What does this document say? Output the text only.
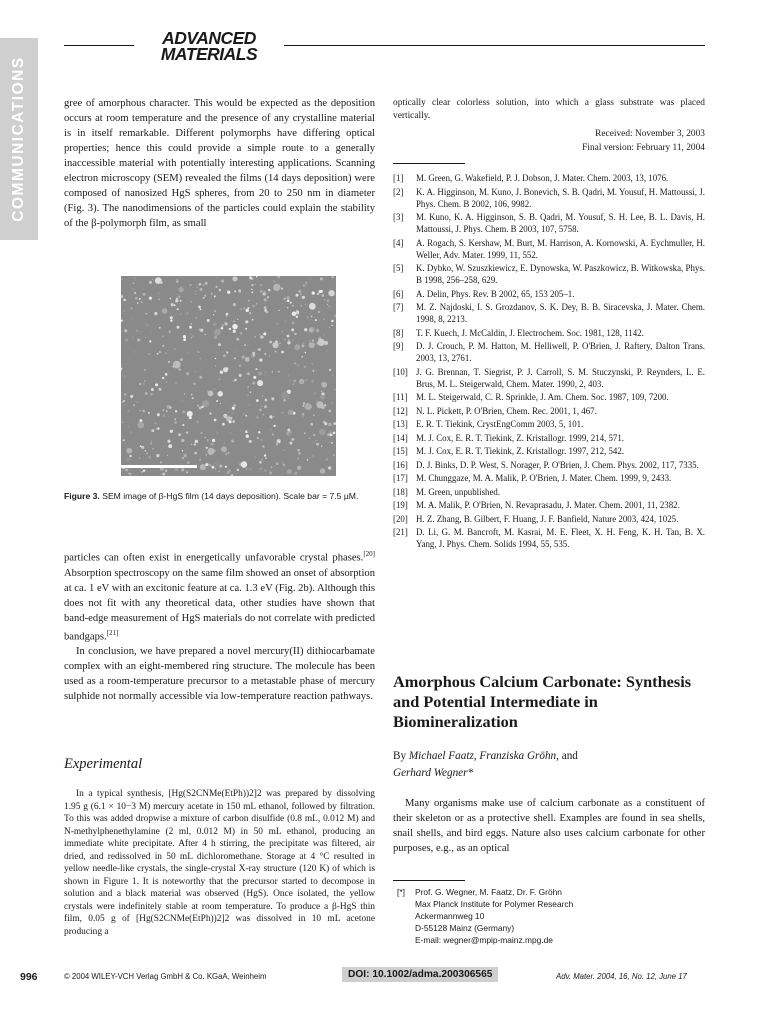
COMMUNICATIONS
ADVANCED
MATERIALS

gree of amorphous character. This would be expected as the deposition occurs at room temperature and the presence of any crystalline material is in itself remarkable. Different polymorphs have differing optical properties; hence this could provide a simple route to a generally inaccessible material with potentially interesting applications. Scanning electron microscopy (SEM) revealed the films (14 days deposition) were composed of nanosized HgS spheres, from 20 to 250 nm in diameter (Fig. 3). The nanodimensions of the particles could explain the stability of the β-polymorph film, as small

Figure 3. SEM image of β-HgS film (14 days deposition). Scale bar = 7.5 µM.

particles can often exist in energetically unfavorable crystal phases.[20] Absorption spectroscopy on the same film showed an onset of absorption at ca. 1 eV with an excitonic feature at ca. 1.3 eV (Fig. 2b). Although this does not fit with any theoretical data, other studies have shown that band-edge measurement of HgS materials do not correlate with predicted bandgaps.[21]

In conclusion, we have prepared a novel mercury(II) dithiocarbamate complex with an eight-membered ring structure. The molecule has been used as a room-temperature precursor to a metastable phase of mercury sulphide not normally accessible via low-temperature reaction pathways.

Experimental

In a typical synthesis, [Hg(S2CNMe(EtPh))2]2 was prepared by dissolving 1.95 g (6.1 × 10−3 M) mercury acetate in 150 mL ethanol, followed by filtration. To this was added dropwise a mixture of carbon disulfide (0.8 mL, 0.012 M) and N-methylphenethylamine (2 ml, 0.012 M) in 50 mL ethanol, producing an immediate white precipitate. After 4 h stirring, the precipitate was filtered, air dried, and redissolved in 50 mL dichloromethane. Storage at 4 °C resulted in yellow needle-like crystals, the single-crystal X-ray structure (120 K) of which is shown in Figure 1. It is noteworthy that the precursor started to decompose in solution and a black material was observed (HgS). Once isolated, the yellow crystals were indefinitely stable at room temperature. To produce a β-HgS thin film, 0.05 g of [Hg(S2CNMe(EtPh))2]2 was dissolved in 10 mL acetone producing a

optically clear colorless solution, into which a glass substrate was placed vertically.

Received: November 3, 2003
Final version: February 11, 2004
[1] M. Green, G. Wakefield, P. J. Dobson, J. Mater. Chem. 2003, 13, 1076.
[2] K. A. Higginson, M. Kuno, J. Bonevich, S. B. Qadri, M. Yousuf, H. Mattoussi, J. Phys. Chem. B 2002, 106, 9982.
[3] M. Kuno, K. A. Higginson, S. B. Qadri, M. Yousuf, S. H. Lee, B. L. Davis, H. Mattoussi, J. Phys. Chem. B 2003, 107, 5758.
[4] A. Rogach, S. Kershaw, M. Burt, M. Harrison, A. Kornowski, A. Eychmuller, H. Weller, Adv. Mater. 1999, 11, 552.
[5] K. Dybko, W. Szuszkiewicz, E. Dynowska, W. Paszkowicz, B. Witkowska, Phys. B 1998, 256–258, 629.
[6] A. Delin, Phys. Rev. B 2002, 65, 153 205–1.
[7] M. Z. Najdoski, I. S. Grozdanov, S. K. Dey, B. B. Siracevska, J. Mater. Chem. 1998, 8, 2213.
[8] T. F. Kuech, J. McCaldin, J. Electrochem. Soc. 1981, 128, 1142.
[9] D. J. Crouch, P. M. Hatton, M. Helliwell, P. O'Brien, J. Raftery, Dalton Trans. 2003, 13, 2761.
[10] J. G. Brennan, T. Siegrist, P. J. Carroll, S. M. Stuczynski, P. Reynders, L. E. Brus, M. L. Steigerwald, Chem. Mater. 1990, 2, 403.
[11] M. L. Steigerwald, C. R. Sprinkle, J. Am. Chem. Soc. 1987, 109, 7200.
[12] N. L. Pickett, P. O'Brien, Chem. Rec. 2001, 1, 467.
[13] E. R. T. Tiekink, CrystEngComm 2003, 5, 101.
[14] M. J. Cox, E. R. T. Tiekink, Z. Kristallogr. 1999, 214, 571.
[15] M. J. Cox, E. R. T. Tiekink, Z. Kristallogr. 1997, 212, 542.
[16] D. J. Binks, D. P. West, S. Norager, P. O'Brien, J. Chem. Phys. 2002, 117, 7335.
[17] M. Chunggaze, M. A. Malik, P. O'Brien, J. Mater. Chem. 1999, 9, 2433.
[18] M. Green, unpublished.
[19] M. A. Malik, P. O'Brien, N. Revaprasadu, J. Mater. Chem. 2001, 11, 2382.
[20] H. Z. Zhang, B. Gilbert, F. Huang, J. F. Banfield, Nature 2003, 424, 1025.
[21] D. Li, G. M. Bancroft, M. Kasrai, M. E. Fleet, X. H. Feng, K. H. Tan, B. X. Yang, J. Phys. Chem. Solids 1994, 55, 535.
Amorphous Calcium Carbonate: Synthesis and Potential Intermediate in Biomineralization
By Michael Faatz, Franziska Gröhn, and
Gerhard Wegner*

Many organisms make use of calcium carbonate as a constituent of their skeleton or as a protective shell. Examples are found in sea shells, snail shells, and bird eggs. Nature also uses calcium carbonate for other purposes, e.g., as an optical

[*] Prof. G. Wegner, M. Faatz, Dr. F. Gröhn
Max Planck Institute for Polymer Research
Ackermannweg 10
D-55128 Mainz (Germany)
E-mail: wegner@mpip-mainz.mpg.de
996	© 2004 WILEY-VCH Verlag GmbH & Co. KGaA, Weinheim	DOI: 10.1002/adma.200306565	Adv. Mater. 2004, 16, No. 12, June 17
